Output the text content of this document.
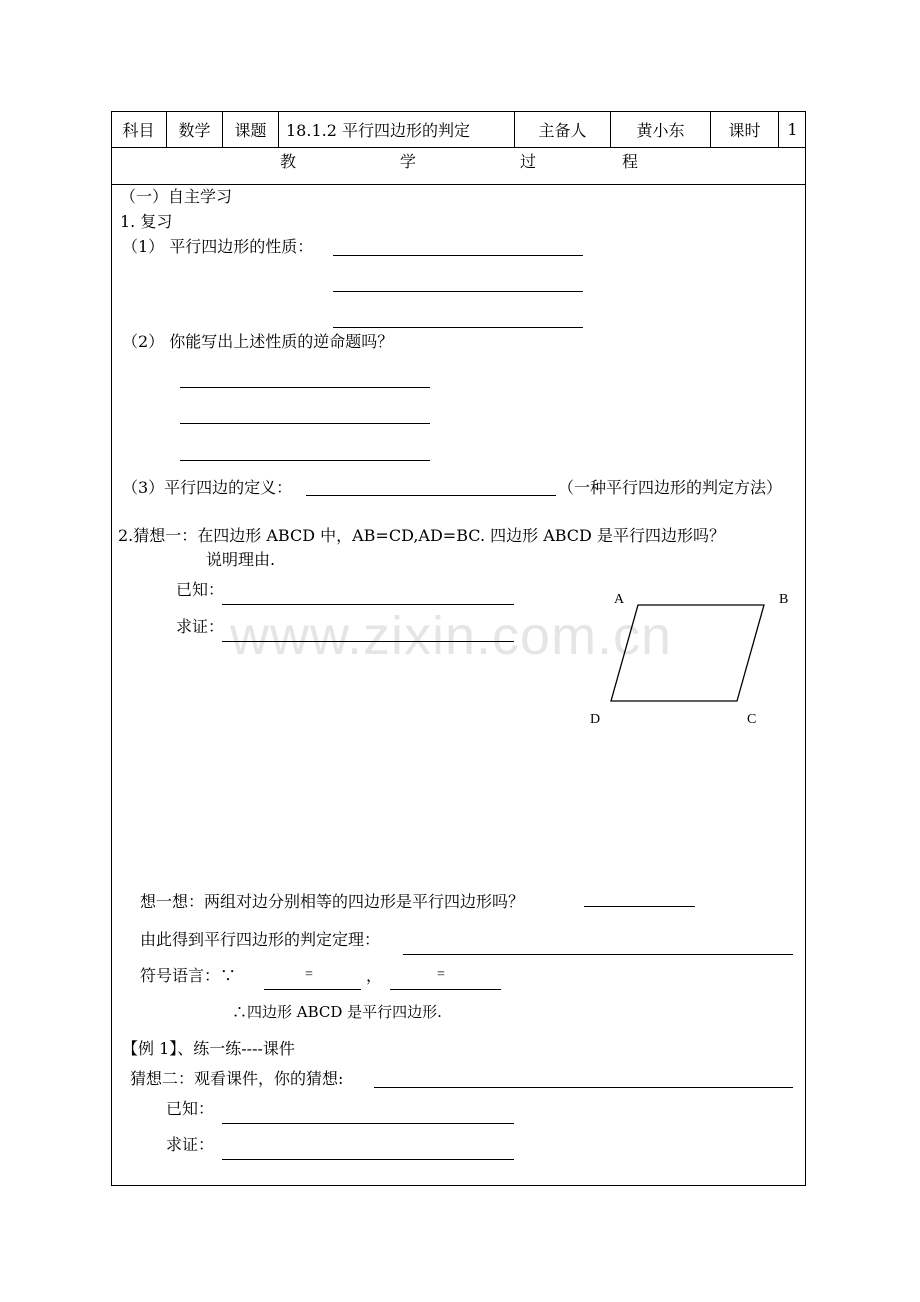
科目	数学	课题	18.1.2 平行四边形的判定	主备人	黄小东	课时	1
教	学	过	程
（一）自主学习
1. 复习
（1） 平行四边形的性质：
（2） 你能写出上述性质的逆命题吗？
（3）平行四边的定义：	（一种平行四边形的判定方法）
2.猜想一：在四边形 ABCD 中，AB=CD,AD=BC. 四边形 ABCD 是平行四边形吗？
说明理由.
已知：
求证：
A	B
C
D
www.zixin.com.cn
想一想：两组对边分别相等的四边形是平行四边形吗？
由此得到平行四边形的判定定理：
符号语言：∵	=	，	=
∴四边形 ABCD 是平行四边形.
【例 1】、练一练----课件
猜想二：观看课件，你的猜想:
已知：
求证：
